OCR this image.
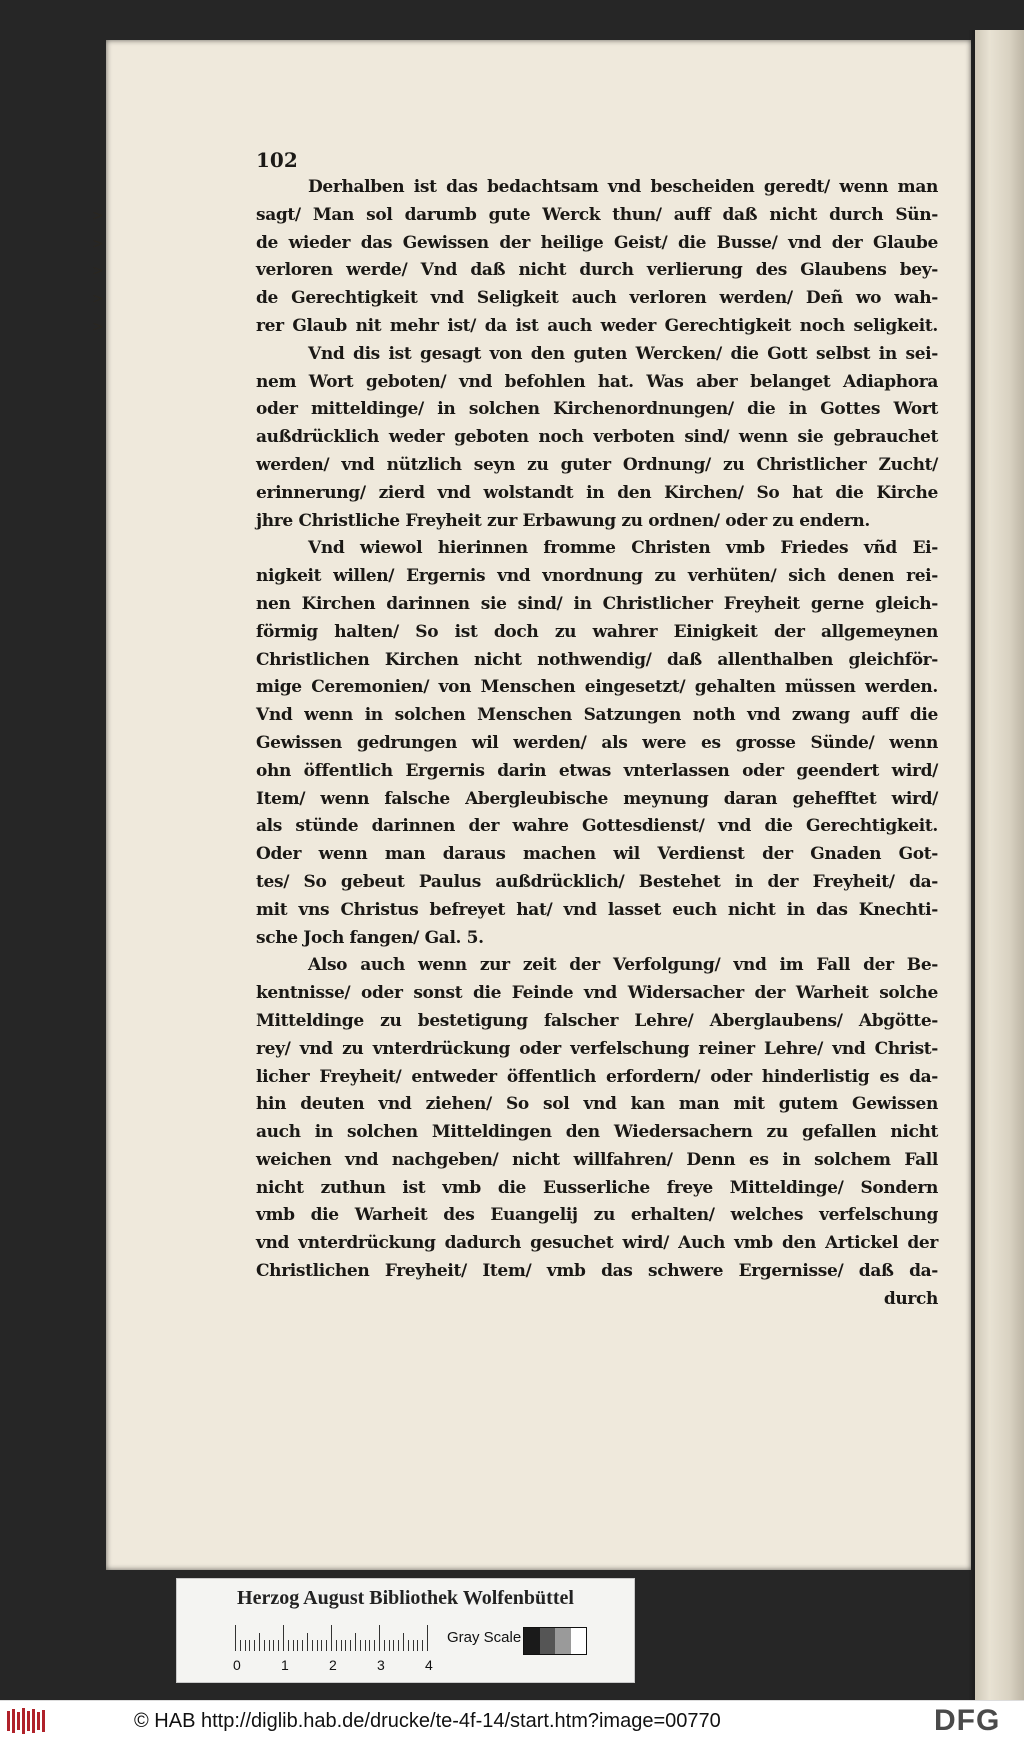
102
Derhalben ist das bedachtsam vnd bescheiden geredt/ wenn man
sagt/ Man sol darumb gute Werck thun/ auff daß nicht durch Sün-
de wieder das Gewissen der heilige Geist/ die Busse/ vnd der Glaube
verloren werde/ Vnd daß nicht durch verlierung des Glaubens bey-
de Gerechtigkeit vnd Seligkeit auch verloren werden/ Deñ wo wah-
rer Glaub nit mehr ist/ da ist auch weder Gerechtigkeit noch seligkeit.
Vnd dis ist gesagt von den guten Wercken/ die Gott selbst in sei-
nem Wort geboten/ vnd befohlen hat. Was aber belanget Adiaphora
oder mitteldinge/ in solchen Kirchenordnungen/ die in Gottes Wort
außdrücklich weder geboten noch verboten sind/ wenn sie gebrauchet
werden/ vnd nützlich seyn zu guter Ordnung/ zu Christlicher Zucht/
erinnerung/ zierd vnd wolstandt in den Kirchen/ So hat die Kirche
jhre Christliche Freyheit zur Erbawung zu ordnen/ oder zu endern.
Vnd wiewol hierinnen fromme Christen vmb Friedes vñd Ei-
nigkeit willen/ Ergernis vnd vnordnung zu verhüten/ sich denen rei-
nen Kirchen darinnen sie sind/ in Christlicher Freyheit gerne gleich-
förmig halten/ So ist doch zu wahrer Einigkeit der allgemeynen
Christlichen Kirchen nicht nothwendig/ daß allenthalben gleichför-
mige Ceremonien/ von Menschen eingesetzt/ gehalten müssen werden.
Vnd wenn in solchen Menschen Satzungen noth vnd zwang auff die
Gewissen gedrungen wil werden/ als were es grosse Sünde/ wenn
ohn öffentlich Ergernis darin etwas vnterlassen oder geendert wird/
Item/ wenn falsche Abergleubische meynung daran gehefftet wird/
als stünde darinnen der wahre Gottesdienst/ vnd die Gerechtigkeit.
Oder wenn man daraus machen wil Verdienst der Gnaden Got-
tes/ So gebeut Paulus außdrücklich/ Bestehet in der Freyheit/ da-
mit vns Christus befreyet hat/ vnd lasset euch nicht in das Knechti-
sche Joch fangen/ Gal. 5.
Also auch wenn zur zeit der Verfolgung/ vnd im Fall der Be-
kentnisse/ oder sonst die Feinde vnd Widersacher der Warheit solche
Mitteldinge zu bestetigung falscher Lehre/ Aberglaubens/ Abgötte-
rey/ vnd zu vnterdrückung oder verfelschung reiner Lehre/ vnd Christ-
licher Freyheit/ entweder öffentlich erfordern/ oder hinderlistig es da-
hin deuten vnd ziehen/ So sol vnd kan man mit gutem Gewissen
auch in solchen Mitteldingen den Wiedersachern zu gefallen nicht
weichen vnd nachgeben/ nicht willfahren/ Denn es in solchem Fall
nicht zuthun ist vmb die Eusserliche freye Mitteldinge/ Sondern
vmb die Warheit des Euangelij zu erhalten/ welches verfelschung
vnd vnterdrückung dadurch gesuchet wird/ Auch vmb den Artickel der
Christlichen Freyheit/ Item/ vmb das schwere Ergernisse/ daß da-
durch
>
>
>
>
>
Herzog August Bibliothek Wolfenbüttel
0	1	2	3	4
Gray Scale
© HAB http://diglib.hab.de/drucke/te-4f-14/start.htm?image=00770	DFG
